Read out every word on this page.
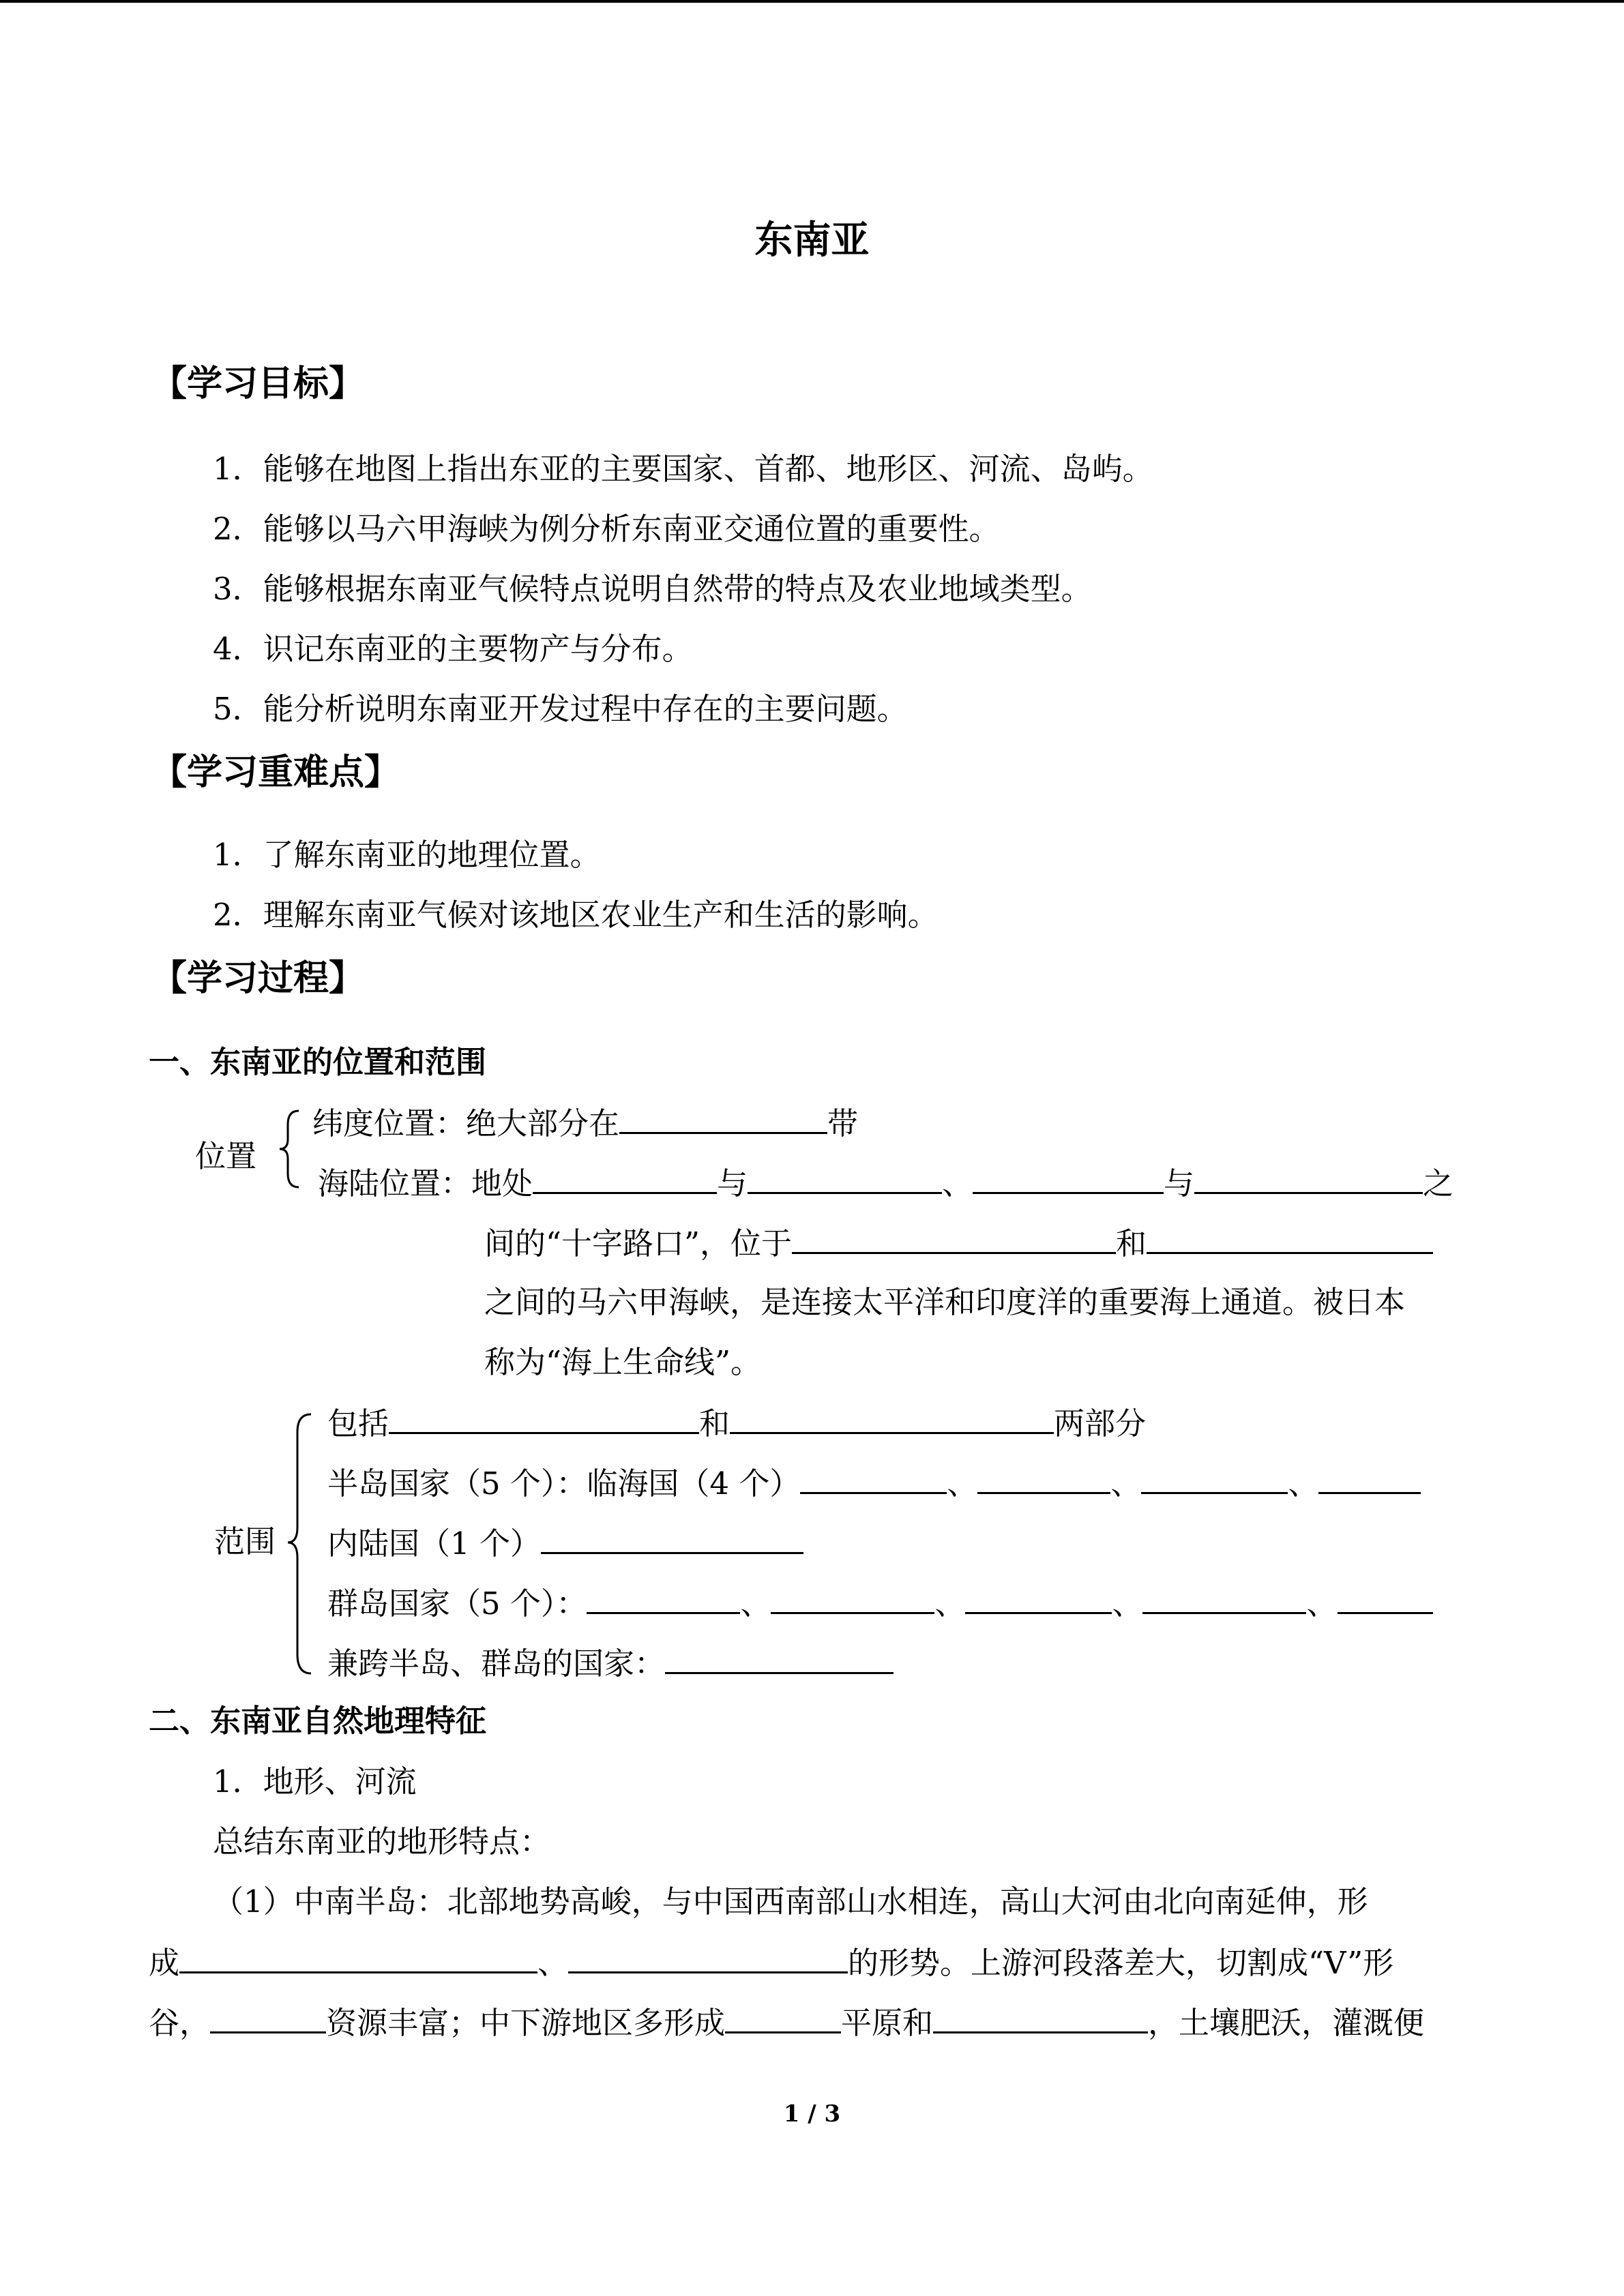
东南亚
【学习目标】
1．能够在地图上指出东亚的主要国家、首都、地形区、河流、岛屿。
2．能够以马六甲海峡为例分析东南亚交通位置的重要性。
3．能够根据东南亚气候特点说明自然带的特点及农业地域类型。
4．识记东南亚的主要物产与分布。
5．能分析说明东南亚开发过程中存在的主要问题。
【学习重难点】
1．了解东南亚的地理位置。
2．理解东南亚气候对该地区农业生产和生活的影响。
【学习过程】
一、东南亚的位置和范围
位置
纬度位置：绝大部分在	带
海陆位置：地处	与	、	与	之
间的“十字路口”，位于	和
之间的马六甲海峡，是连接太平洋和印度洋的重要海上通道。被日本
称为“海上生命线”。
范围
包括	和	两部分
半岛国家（5 个）：临海国（4 个）	、	、	、
内陆国（1 个）
群岛国家（5 个）：	、	、	、	、
兼跨半岛、群岛的国家：
二、东南亚自然地理特征
1．地形、河流
总结东南亚的地形特点：
（1）中南半岛：北部地势高峻，与中国西南部山水相连，高山大河由北向南延伸，形
成	、	的形势。上游河段落差大，切割成“V”形
谷，	资源丰富；中下游地区多形成	平原和	，土壤肥沃，灌溉便
1 / 3
